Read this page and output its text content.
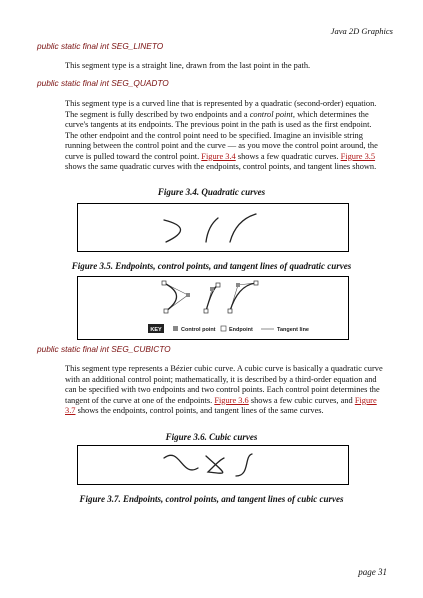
Java 2D Graphics
public static final int SEG_LINETO

This segment type is a straight line, drawn from the last point in the path.

public static final int SEG_QUADTO

This segment type is a curved line that is represented by a quadratic (second-order) equation. The segment is fully described by two endpoints and a control point, which determines the curve's tangents at its endpoints. The previous point in the path is used as the first endpoint. The other endpoint and the control point need to be specified. Imagine an invisible string running between the control point and the curve — as you move the control point around, the curve is pulled toward the control point. Figure 3.4 shows a few quadratic curves. Figure 3.5 shows the same quadratic curves with the endpoints, control points, and tangent lines shown.

Figure 3.4. Quadratic curves
Figure 3.5. Endpoints, control points, and tangent lines of quadratic curves
KEY	Control point Endpoint	Tangent line
public static final int SEG_CUBICTO

This segment type represents a Bézier cubic curve. A cubic curve is basically a quadratic curve with an additional control point; mathematically, it is described by a third-order equation and can be specified with two endpoints and two control points. Each control point determines the tangent of the curve at one of the endpoints. Figure 3.6 shows a few cubic curves, and Figure 3.7 shows the endpoints, control points, and tangent lines of the same curves.

Figure 3.6. Cubic curves
Figure 3.7. Endpoints, control points, and tangent lines of cubic curves
page 31
